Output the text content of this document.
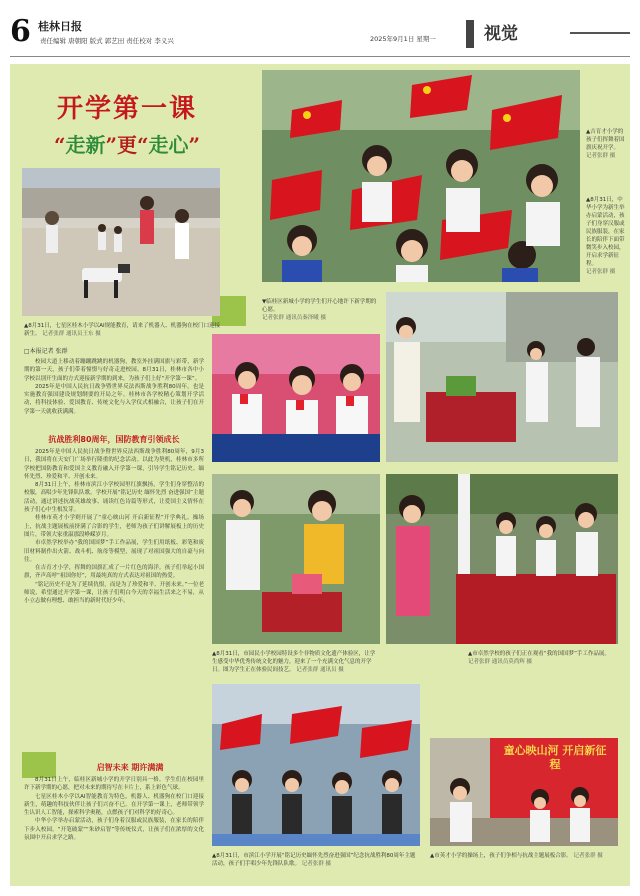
6 桂林日报
责任编辑 唐朝阳 版式 郭艺田 责任校对 李义兴	2025年9月1日 星期一	视觉
开学第一课
“走新”更“走心”
▲8月31日，七星区桂木小学以AI规能教育，请来了机器人、机器狗在校门口迎接新生。 记者张群 通讯员王东 摄
▲吉育才小学的孩子们挥舞着国旗庆祝开学。
记者张群 摄
▲8月31日，中华小学为新生举办启蒙活动，孩子们身穿汉服或民族服装，在家长的陪伴下面带微笑步入校园，开启求学新征程。
记者张群 摄
▼临桂区新城小学的学生们开心地许下新学期的心愿。
记者张群 通讯员秦泽曦 摄
▲8月31日，市园民小学校园特设多个非物质文化遗产体验区，让学生感受中华优秀传统文化的魅力，迎来了一个充满文化气息的开学日。图为学生正在体验民间技艺。 记者张群 通讯员 摄
▲市卓然学校的孩子们正在观看“我的国国梦”手工作品展。
记者张群 通讯员莫尚辉 摄
童心映山河 开启新征程
▲8月31日，市滨江小学开展“铭记历史缅怀先烈奋进强国”纪念抗战胜利80周年主题活动，孩子们手唱少年先锋队队歌。 记者张群 摄
▲市英才小学的操场上，孩子们争相与抗战主题展板合影。 记者张群 摄
□本报记者 张群

校园大道上移动着蹦蹦跳跳的机器狗，教室外挂满国旗与彩带，新学期的第一天，孩子们带着憧憬与好奇走进校园。8月31日，桂林市各中小学校以别开生面的方式迎接新学期的到来，为孩子们上好“开学第一课”。

2025年是中国人民抗日战争暨世界反法西斯战争胜利80周年，也是实施教育强国建设规划纲要的开局之年。桂林市各学校精心策划开学活动，将科技体验、爱国教育、传统文化与入学仪式相融合，让孩子们在开学第一天就收获满满。

抗战胜利80周年，国防教育引领成长

2025年是中国人民抗日战争暨世界反法西斯战争胜利80周年，9月3日，我国将在天安门广场举行隆重的纪念活动。以此为契机，桂林市多所学校把国防教育和爱国主义教育融入开学第一课，引导学生铭记历史、缅怀先烈、珍爱和平、开创未来。

8月31日上午，桂林市滨江小学校园里红旗飘扬，学生们身穿整洁的校服，高唱少年先锋队队歌。学校开展“铭记历史 缅怀先烈 奋进强国”主题活动，通过讲述抗战英雄故事、诵读红色诗篇等形式，让爱国主义情怀在孩子们心中生根发芽。

桂林市英才小学则开展了“童心映山河 开启新征程”开学典礼。操场上，抗战主题展板前挤满了合影的学生，老师为孩子们讲解展板上的历史图片，带领大家重温那段峥嵘岁月。

市卓然学校举办“我的国国梦”手工作品展，学生们用纸板、彩笔和废旧材料制作出火箭、战斗机、航母等模型，展现了对祖国强大的自豪与向往。

在吉育才小学，挥舞的国旗汇成了一片红色的海洋。孩子们举起小国旗，齐声高呼“祖国你好”，用最纯真的方式表达对祖国的热爱。

“铭记历史不是为了延续仇恨，而是为了珍爱和平、开创未来。”一位老师说，希望通过开学第一课，让孩子们明白今天的幸福生活来之不易，从小立志做有理想、敢担当的新时代好少年。

启智未来 期许满满

8月31日上午，临桂区新城小学的开学日别具一格。学生们在校园里许下新学期的心愿，把对未来的期待写在卡片上，系上彩色气球。

七星区桂木小学以AI智能教育为特色，机器人、机器狗在校门口迎接新生，萌趣的科技伙伴让孩子们兴奋不已。在开学第一课上，老师带领学生认识人工智能，探索科学奥秘，点燃孩子们对科学的好奇心。

中华小学举办启蒙活动，孩子们身着汉服或民族服装，在家长的陪伴下步入校园。“开笔破蒙”“朱砂启智”等传统仪式，让孩子们在浓厚的文化氛围中开启求学之路。
